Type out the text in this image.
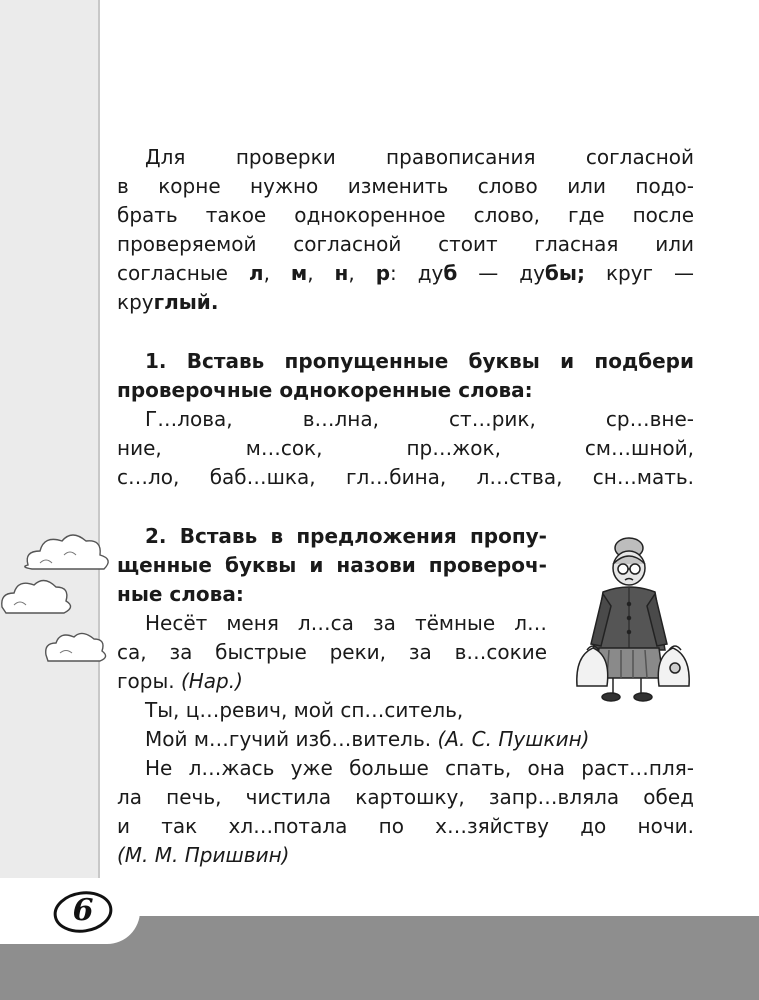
6
Для проверки правописания согласной
в корне нужно изменить слово или подо-
брать такое однокоренное слово, где после
проверяемой согласной стоит гласная или
согласные л, м, н, р: дуб — дубы; круг —
круглый.
1. Вставь пропущенные буквы и подбери
проверочные однокоренные слова:
Г…лова, в…лна, ст…рик, ср…вне-
ние, м…сок, пр…жок, см…шной,
с…ло, баб…шка, гл…бина, л…ства, сн…мать.
2. Вставь в предложения пропу-
щенные буквы и назови провероч-
ные слова:
Несёт меня л…са за тёмные л…
са, за быстрые реки, за в…сокие
горы. (Нар.)
Ты, ц…ревич, мой сп…ситель,
Мой м…гучий изб…витель. (А. С. Пушкин)
Не л…жась уже больше спать, она раст…пля-
ла печь, чистила картошку, запр…вляла обед
и так хл…потала по х…зяйству до ночи.
(М. М. Пришвин)
